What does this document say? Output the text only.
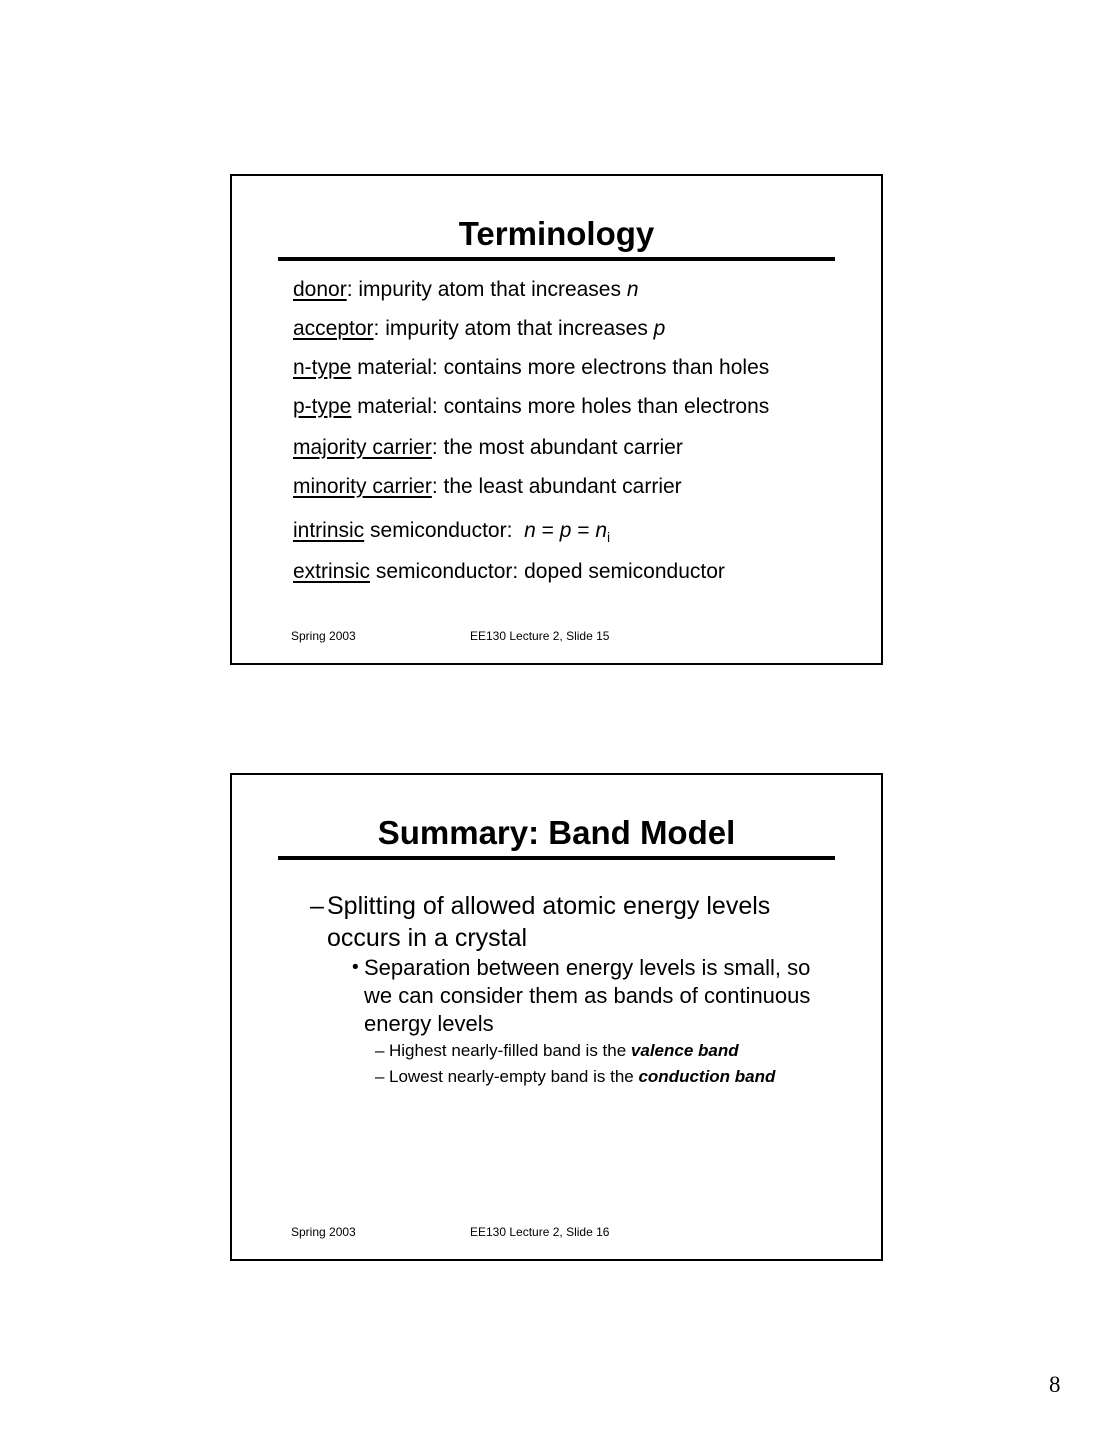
Terminology

donor: impurity atom that increases n

acceptor: impurity atom that increases p

n-type material: contains more electrons than holes

p-type material: contains more holes than electrons

majority carrier: the most abundant carrier

minority carrier: the least abundant carrier

intrinsic semiconductor:  $n = p = n_i$

extrinsic semiconductor: doped semiconductor

Spring 2003	EE130 Lecture 2, Slide 15
Summary: Band Model
– Splitting of allowed atomic energy levels
occurs in a crystal
• Separation between energy levels is small, so
we can consider them as bands of continuous
energy levels
– Highest nearly-filled band is the valence band
– Lowest nearly-empty band is the conduction band
Spring 2003	EE130 Lecture 2, Slide 16
8
